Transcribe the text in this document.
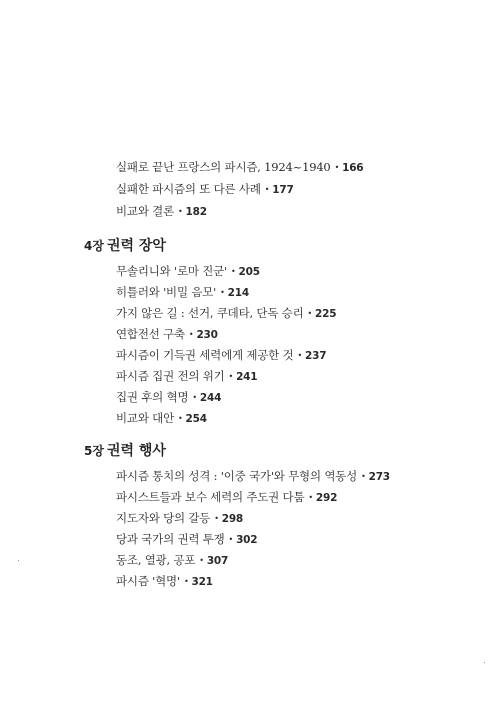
실패로 끝난 프랑스의 파시즘, 1924~1940 • 166
실패한 파시즘의 또 다른 사례 • 177
비교와 결론 • 182
4장 권력 장악
무솔리니와 '로마 진군' • 205
히틀러와 '비밀 음모' • 214
가지 않은 길 : 선거, 쿠데타, 단독 승리 • 225
연합전선 구축 • 230
파시즘이 기득권 세력에게 제공한 것 • 237
파시즘 집권 전의 위기 • 241
집권 후의 혁명 • 244
비교와 대안 • 254
5장 권력 행사
파시즘 통치의 성격 : '이중 국가'와 무형의 역동성 • 273
파시스트들과 보수 세력의 주도권 다툼 • 292
지도자와 당의 갈등 • 298
당과 국가의 권력 투쟁 • 302
동조, 열광, 공포 • 307
파시즘 '혁명' • 321
